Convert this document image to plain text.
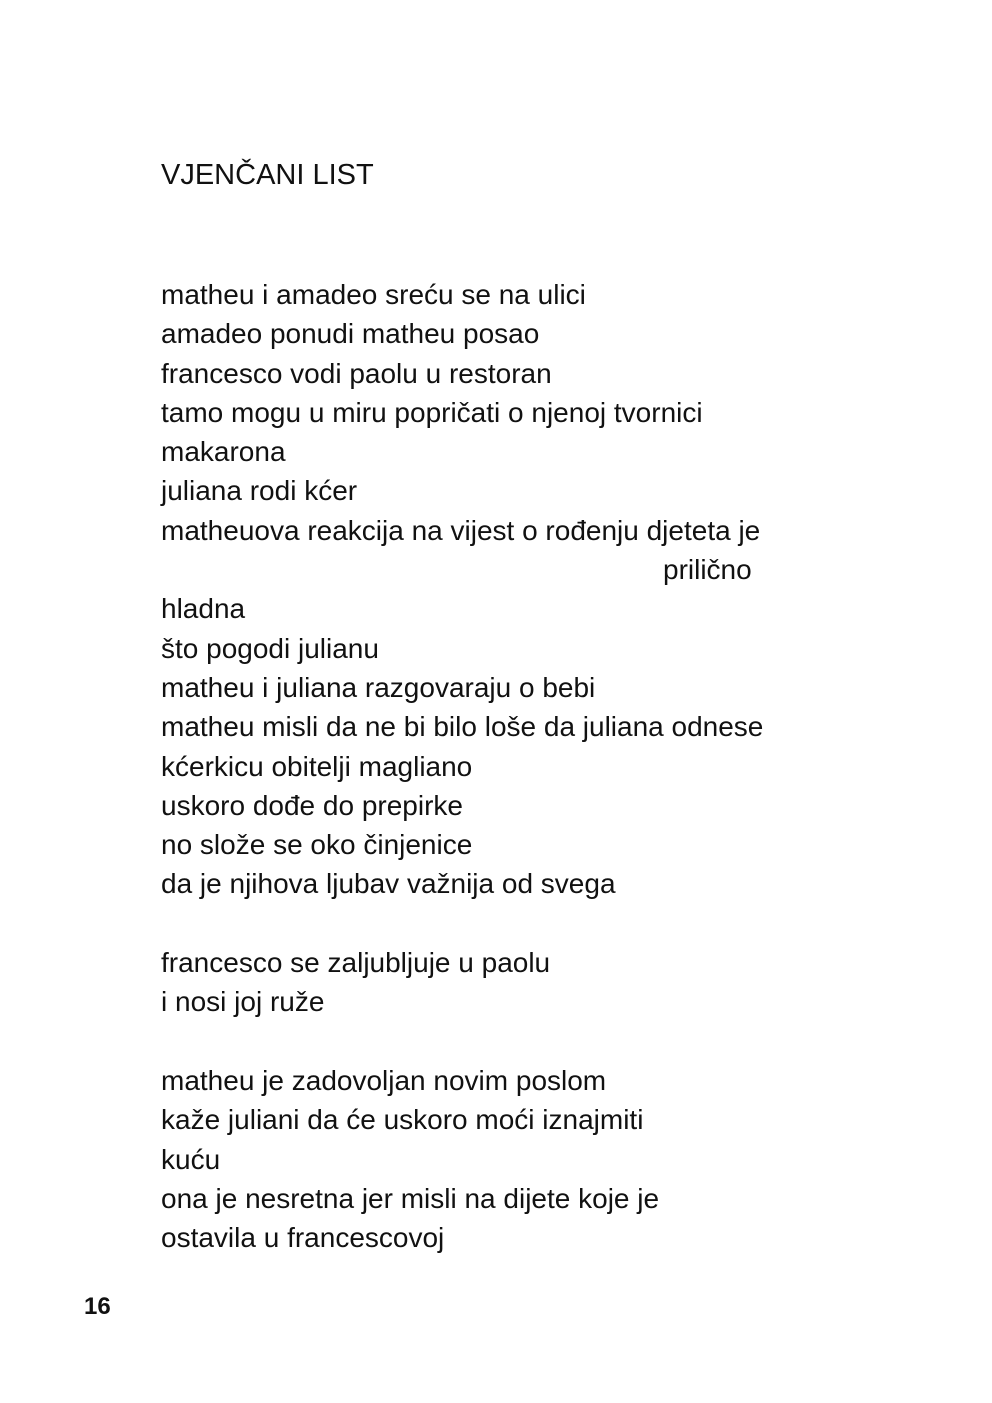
VJENČANI LIST
matheu i amadeo sreću se na ulici
amadeo ponudi matheu posao
francesco vodi paolu u restoran
tamo mogu u miru popričati o njenoj tvornici
makarona
juliana rodi kćer
matheuova reakcija na vijest o rođenju djeteta je
prilično
hladna
što pogodi julianu
matheu i juliana razgovaraju o bebi
matheu misli da ne bi bilo loše da juliana odnese
kćerkicu obitelji magliano
uskoro dođe do prepirke
no slože se oko činjenice
da je njihova ljubav važnija od svega
francesco se zaljubljuje u paolu
i nosi joj ruže
matheu je zadovoljan novim poslom
kaže juliani da će uskoro moći iznajmiti
kuću
ona je nesretna jer misli na dijete koje je
ostavila u francescovoj
16
